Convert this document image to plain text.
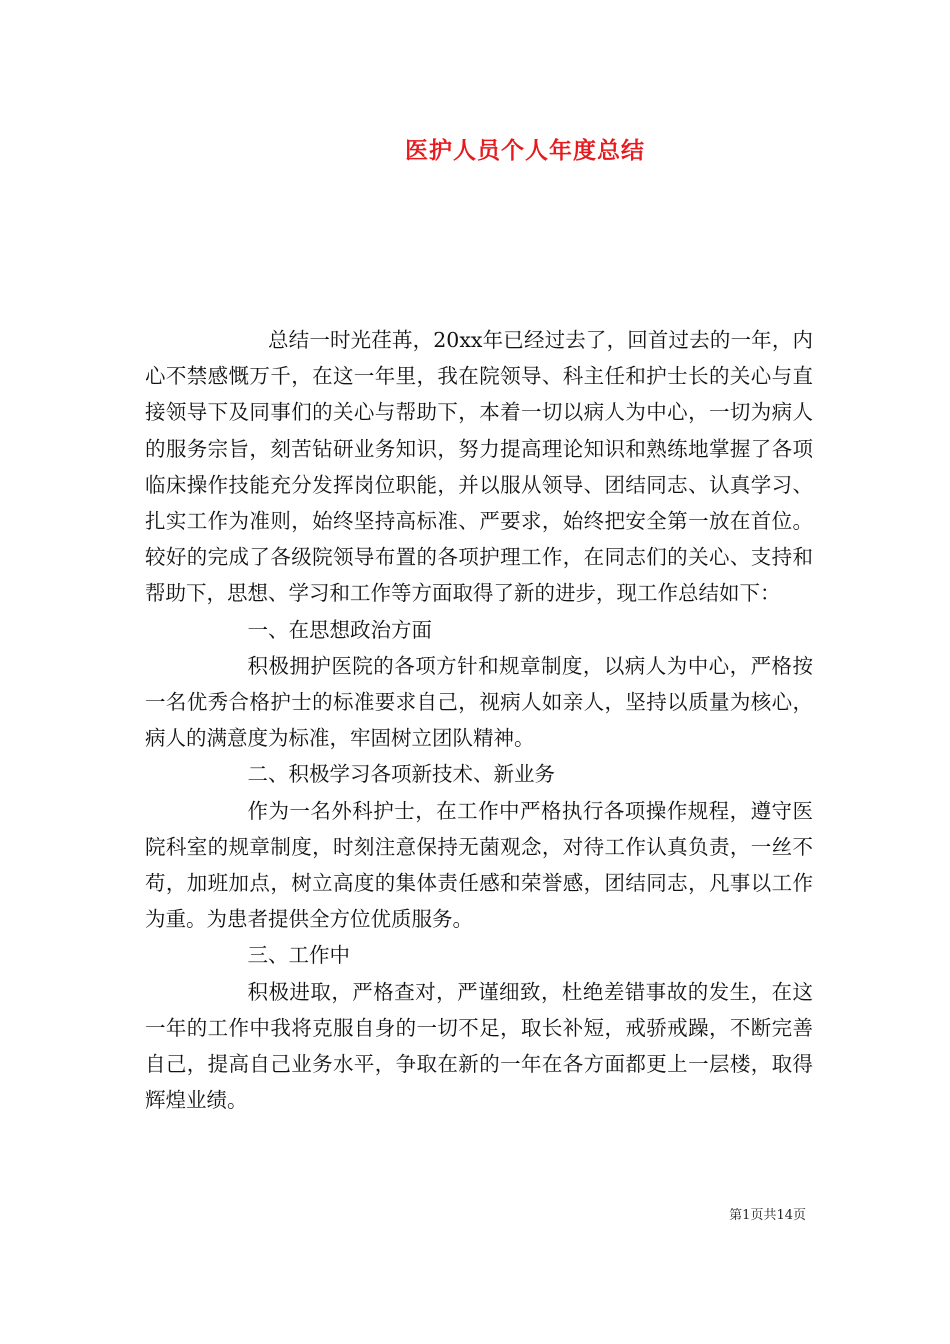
医护人员个人年度总结

总结一时光荏苒，20xx年已经过去了，回首过去的一年，内心不禁感慨万千，在这一年里，我在院领导、科主任和护士长的关心与直接领导下及同事们的关心与帮助下，本着一切以病人为中心，一切为病人的服务宗旨，刻苦钻研业务知识，努力提高理论知识和熟练地掌握了各项临床操作技能充分发挥岗位职能，并以服从领导、团结同志、认真学习、扎实工作为准则，始终坚持高标准、严要求，始终把安全第一放在首位。较好的完成了各级院领导布置的各项护理工作，在同志们的关心、支持和帮助下，思想、学习和工作等方面取得了新的进步，现工作总结如下：

一、在思想政治方面

积极拥护医院的各项方针和规章制度，以病人为中心，严格按一名优秀合格护士的标准要求自己，视病人如亲人，坚持以质量为核心，病人的满意度为标准，牢固树立团队精神。

二、积极学习各项新技术、新业务

作为一名外科护士，在工作中严格执行各项操作规程，遵守医院科室的规章制度，时刻注意保持无菌观念，对待工作认真负责，一丝不苟，加班加点，树立高度的集体责任感和荣誉感，团结同志，凡事以工作为重。为患者提供全方位优质服务。

三、工作中

积极进取，严格查对，严谨细致，杜绝差错事故的发生，在这一年的工作中我将克服自身的一切不足，取长补短，戒骄戒躁，不断完善自己，提高自己业务水平，争取在新的一年在各方面都更上一层楼，取得辉煌业绩。

第1页共14页
